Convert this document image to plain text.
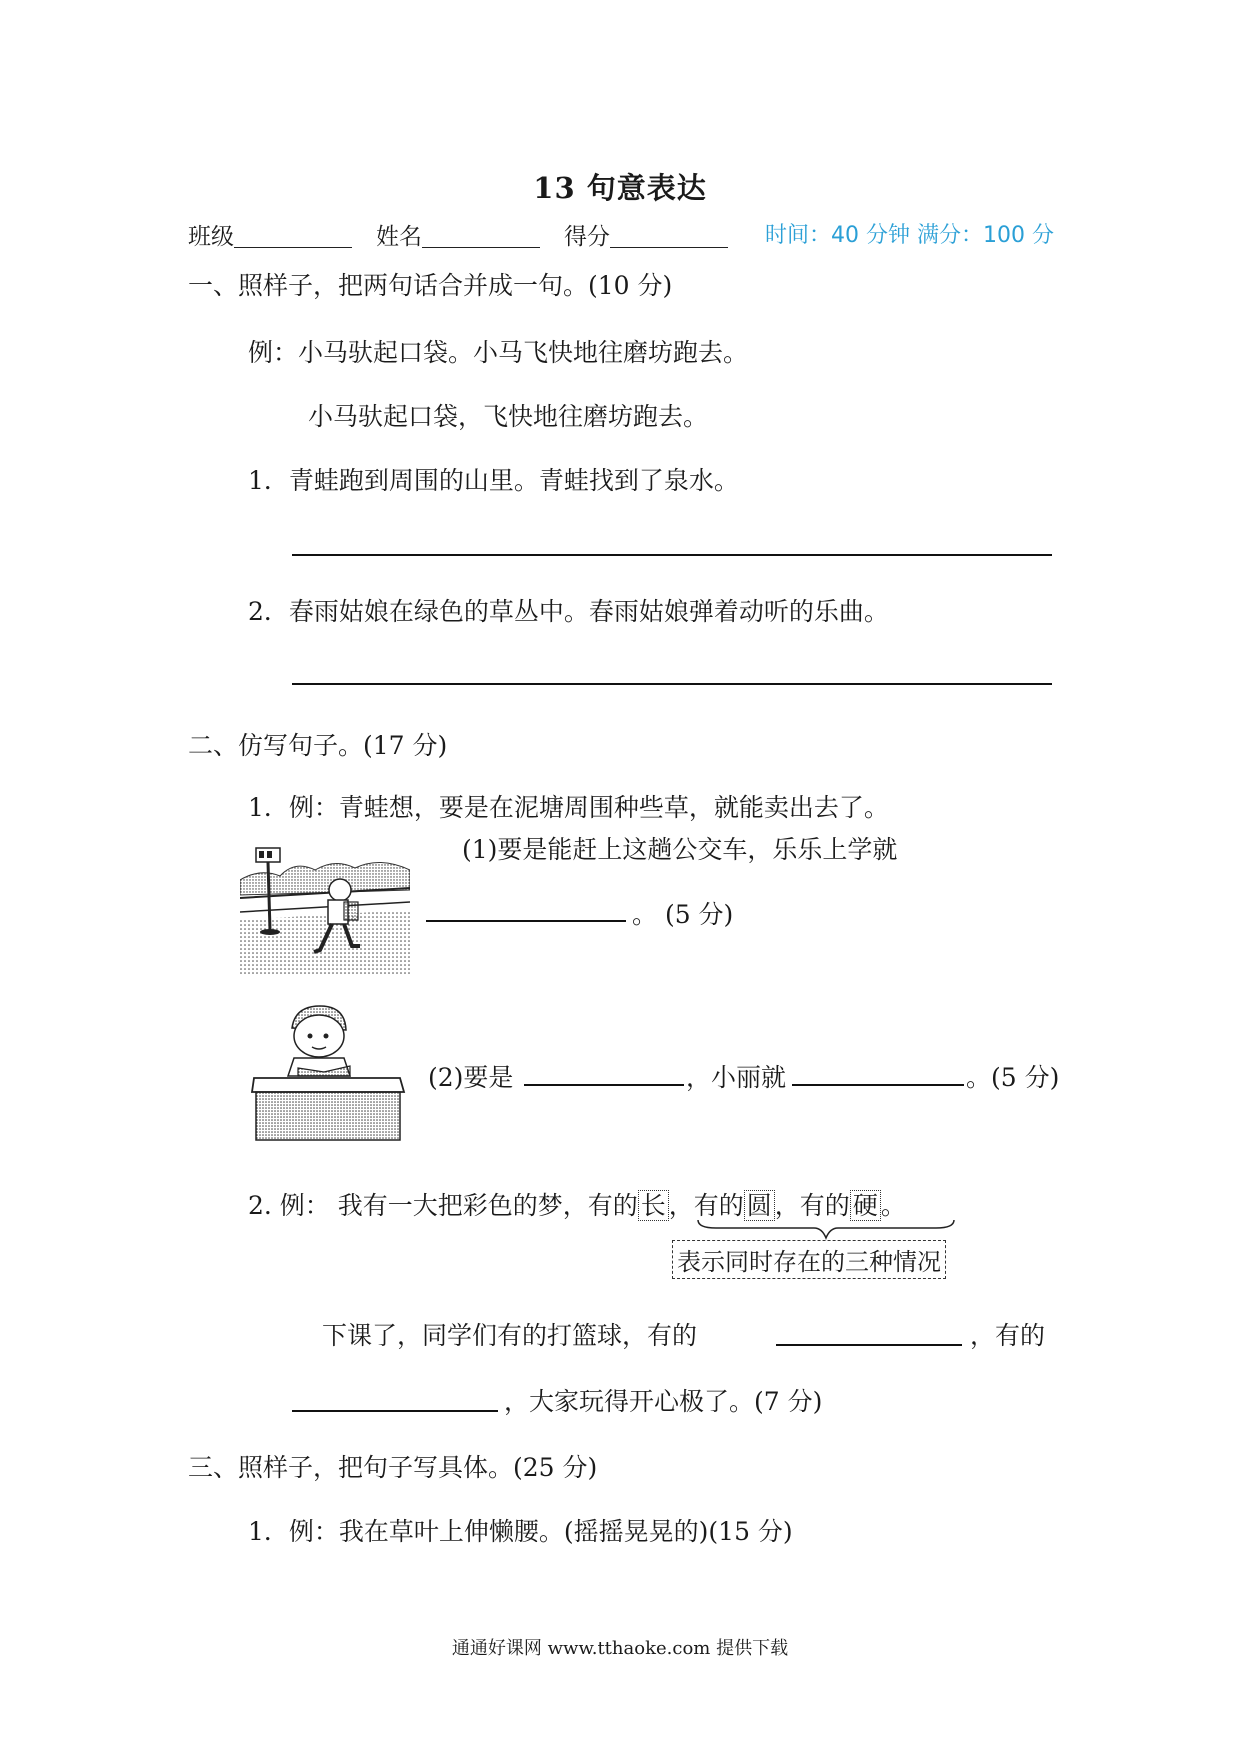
13 句意表达
班级	姓名	得分	时间：40 分钟 满分：100 分
一、照样子，把两句话合并成一句。(10 分)
例：小马驮起口袋。小马飞快地往磨坊跑去。
小马驮起口袋，飞快地往磨坊跑去。
1．青蛙跑到周围的山里。青蛙找到了泉水。
2．春雨姑娘在绿色的草丛中。春雨姑娘弹着动听的乐曲。
二、仿写句子。(17 分)
1．例：青蛙想，要是在泥塘周围种些草，就能卖出去了。
(1)要是能赶上这趟公交车，乐乐上学就
。 (5 分)
(2)要是	，小丽就	。(5 分)
2. 例： 我有一大把彩色的梦，有的 长 ，有的 圆 ，有的 硬 。
表示同时存在的三种情况
下课了，同学们有的打篮球，有的	，有的
，大家玩得开心极了。(7 分)
三、照样子，把句子写具体。(25 分)
1．例：我在草叶上伸懒腰。(摇摇晃晃的)(15 分)
通通好课网 www.tthaoke.com 提供下载
